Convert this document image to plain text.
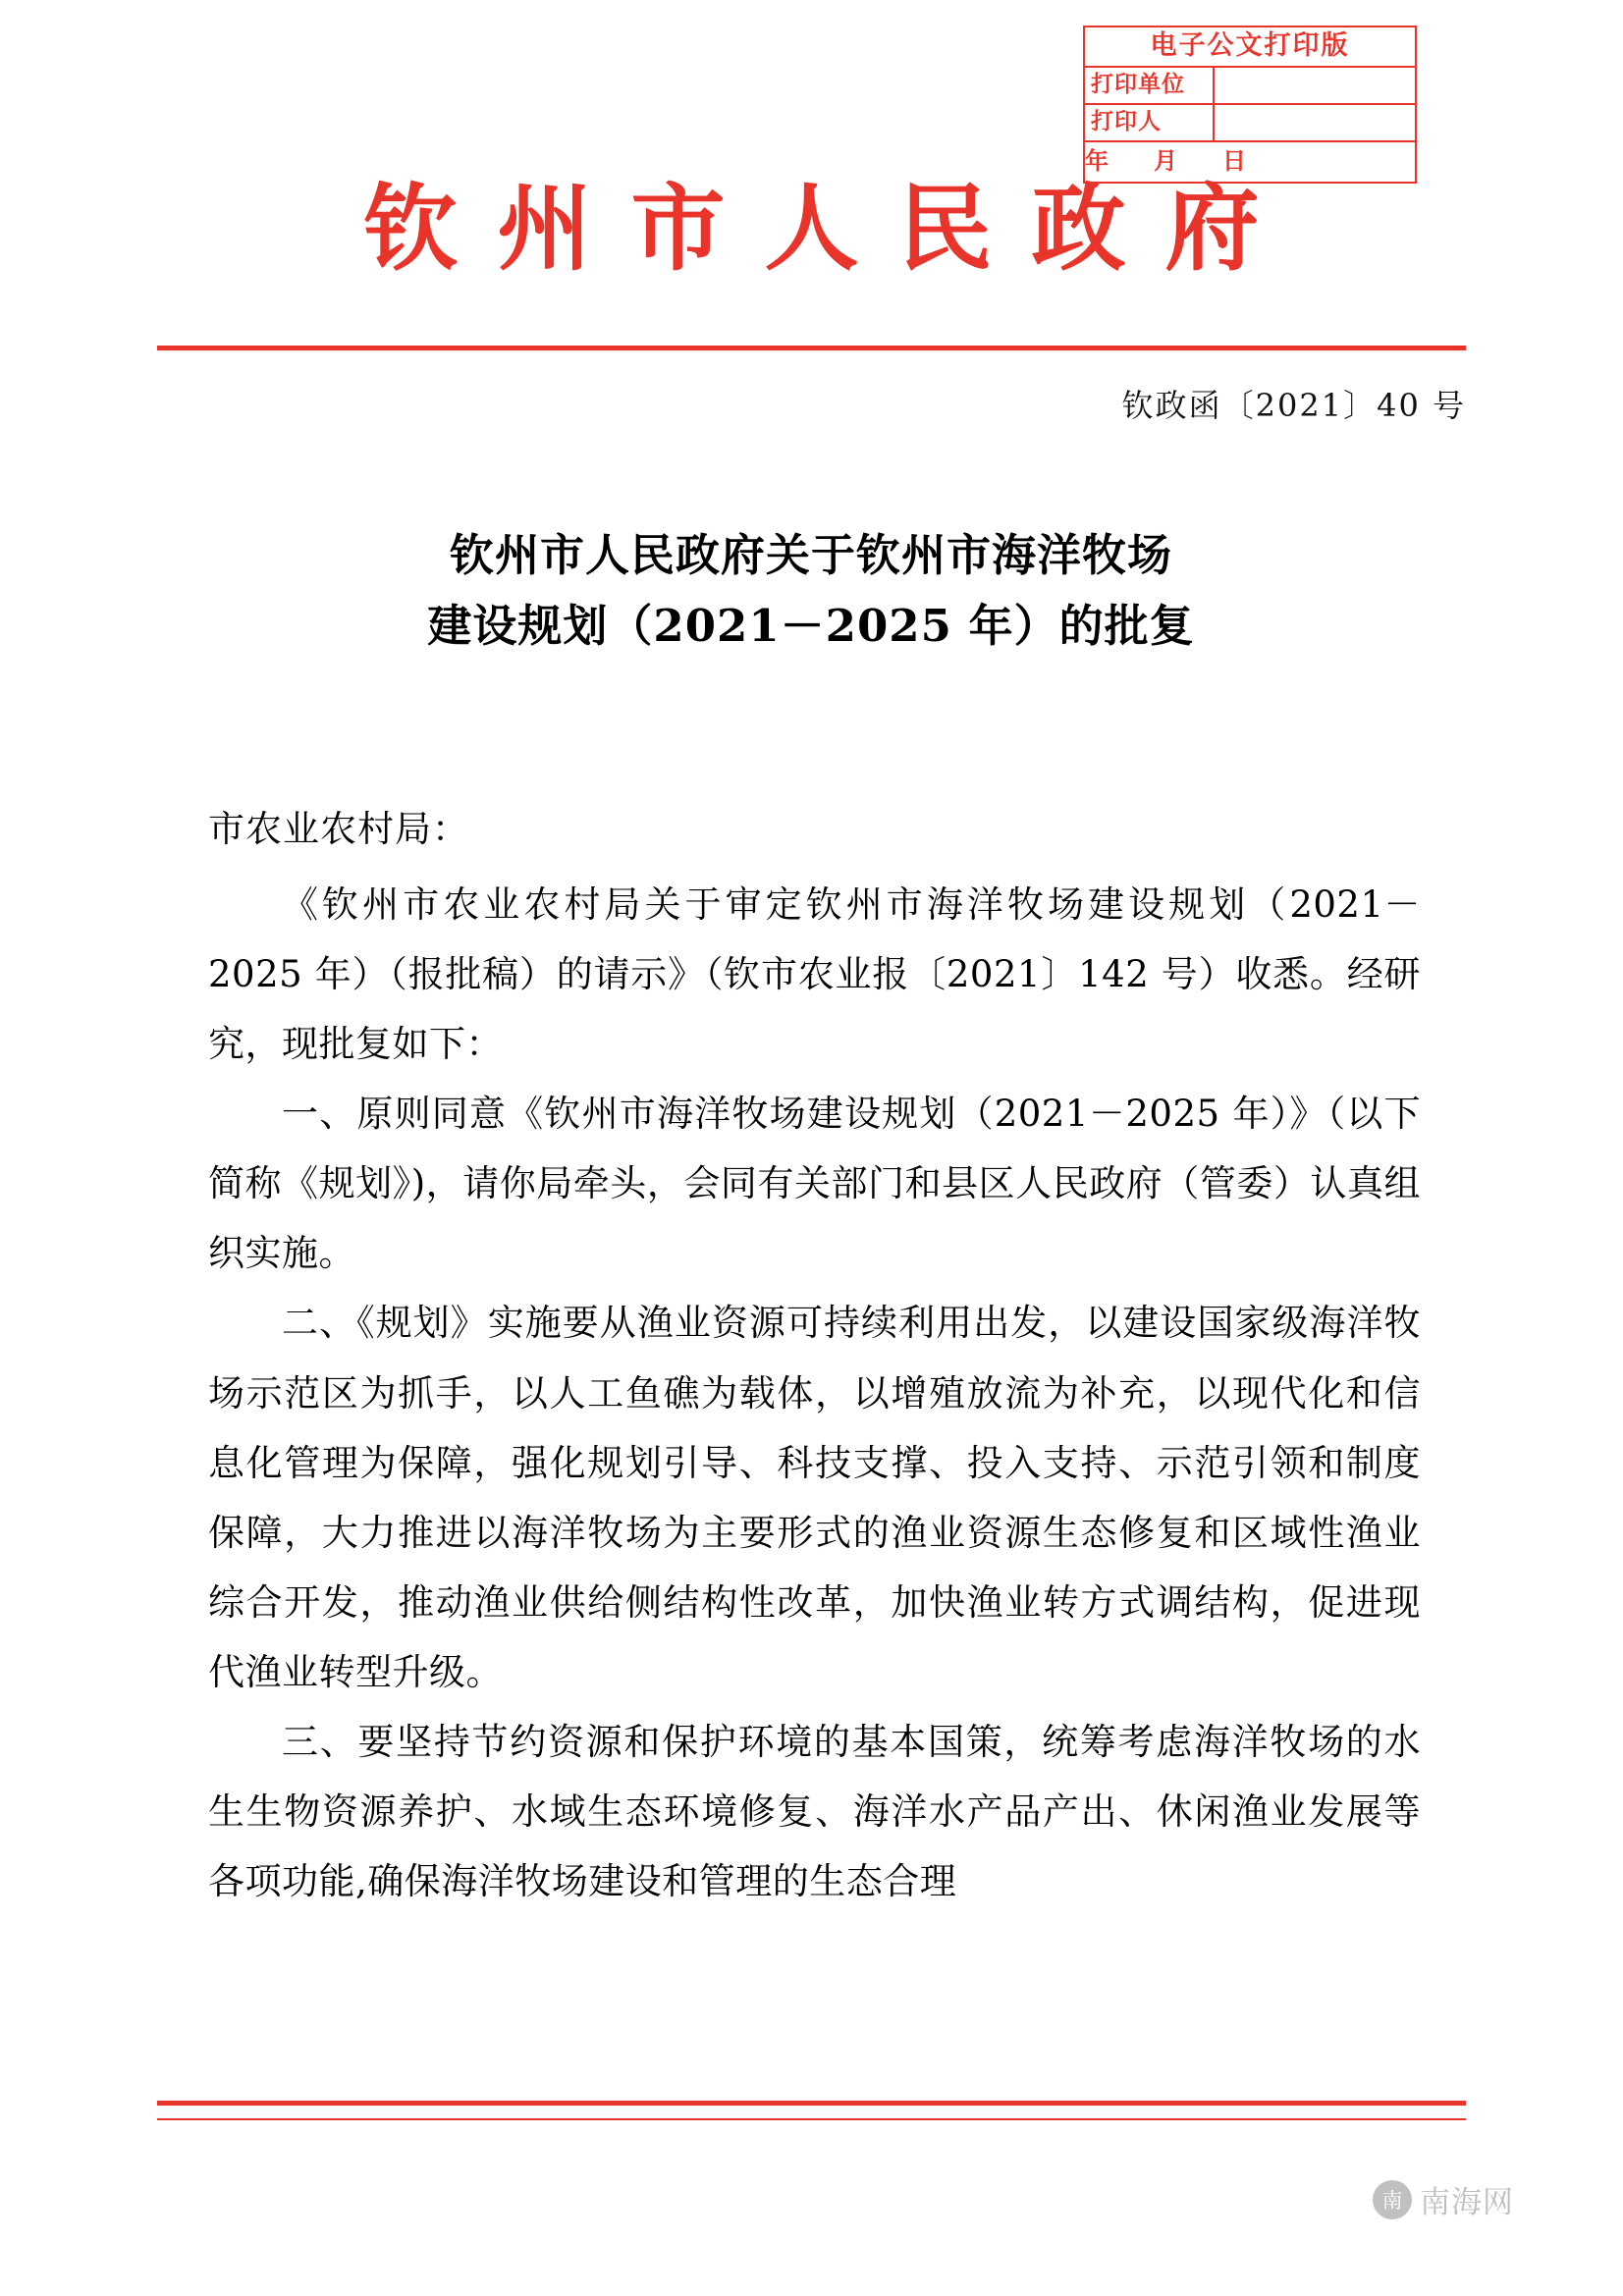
电子公文打印版
打印单位
打印人
年 月 日
钦州市人民政府
钦政函〔2021〕40 号
钦州市人民政府关于钦州市海洋牧场
建设规划（2021－2025 年）的批复
市农业农村局：

《钦州市农业农村局关于审定钦州市海洋牧场建设规划（2021－2025 年）（报批稿）的请示》（钦市农业报〔2021〕142 号）收悉。经研究，现批复如下：

一、原则同意《钦州市海洋牧场建设规划（2021－2025 年）》（以下简称《规划》)，请你局牵头，会同有关部门和县区人民政府（管委）认真组织实施。

二、《规划》实施要从渔业资源可持续利用出发，以建设国家级海洋牧场示范区为抓手，以人工鱼礁为载体，以增殖放流为补充，以现代化和信息化管理为保障，强化规划引导、科技支撑、投入支持、示范引领和制度保障，大力推进以海洋牧场为主要形式的渔业资源生态修复和区域性渔业综合开发，推动渔业供给侧结构性改革，加快渔业转方式调结构，促进现代渔业转型升级。

三、要坚持节约资源和保护环境的基本国策，统筹考虑海洋牧场的水生生物资源养护、水域生态环境修复、海洋水产品产出、休闲渔业发展等各项功能,确保海洋牧场建设和管理的生态合理

南 南海网
